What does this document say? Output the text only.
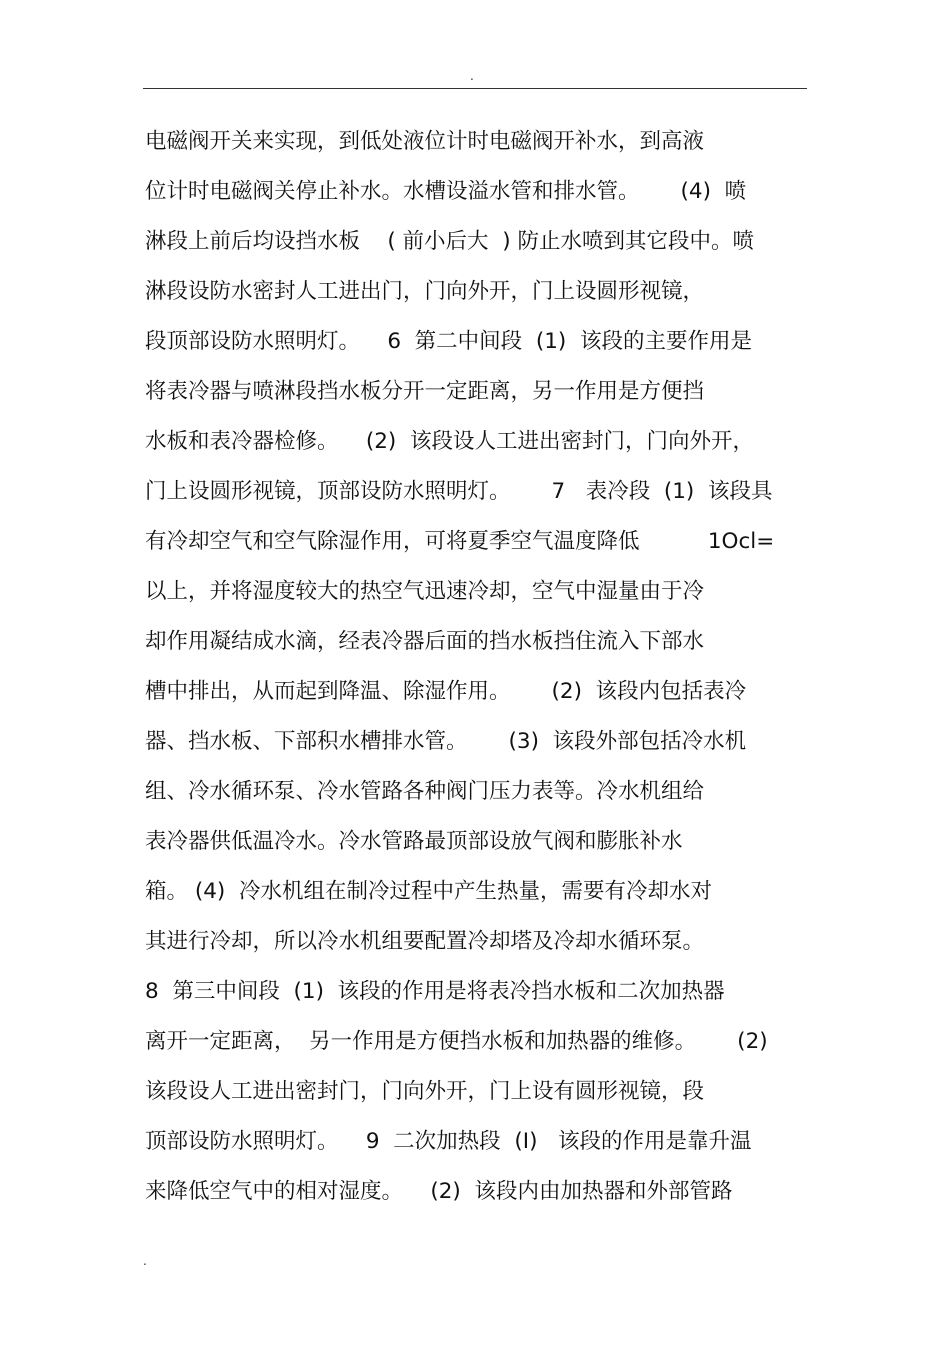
.
电磁阀开关来实现，到低处液位计时电磁阀开补水，到高液
位计时电磁阀关停止补水。水槽设溢水管和排水管。      (4)  喷
淋段上前后均设挡水板    ( 前小后大  ) 防止水喷到其它段中。喷
淋段设防水密封人工进出门，门向外开，门上设圆形视镜，
段顶部设防水照明灯。    6  第二中间段  (1)  该段的主要作用是
将表冷器与喷淋段挡水板分开一定距离，另一作用是方便挡
水板和表冷器检修。    (2)  该段设人工进出密封门，门向外开，
门上设圆形视镜，顶部设防水照明灯。      7   表冷段  (1)  该段具
有冷却空气和空气除湿作用，可将夏季空气温度降低          1Ocl=
以上，并将湿度较大的热空气迅速冷却，空气中湿量由于冷
却作用凝结成水滴，经表冷器后面的挡水板挡住流入下部水
槽中排出，从而起到降温、除湿作用。      (2)  该段内包括表冷
器、挡水板、下部积水槽排水管。      (3)  该段外部包括冷水机
组、冷水循环泵、冷水管路各种阀门压力表等。冷水机组给
表冷器供低温冷水。冷水管路最顶部设放气阀和膨胀补水
箱。 (4)  冷水机组在制冷过程中产生热量，需要有冷却水对
其进行冷却，所以冷水机组要配置冷却塔及冷却水循环泵。
8  第三中间段  (1)  该段的作用是将表冷挡水板和二次加热器
离开一定距离，  另一作用是方便挡水板和加热器的维修。      (2)
该段设人工进出密封门，门向外开，门上设有圆形视镜，段
顶部设防水照明灯。    9  二次加热段  (I)   该段的作用是靠升温
来降低空气中的相对湿度。    (2)  该段内由加热器和外部管路
.
